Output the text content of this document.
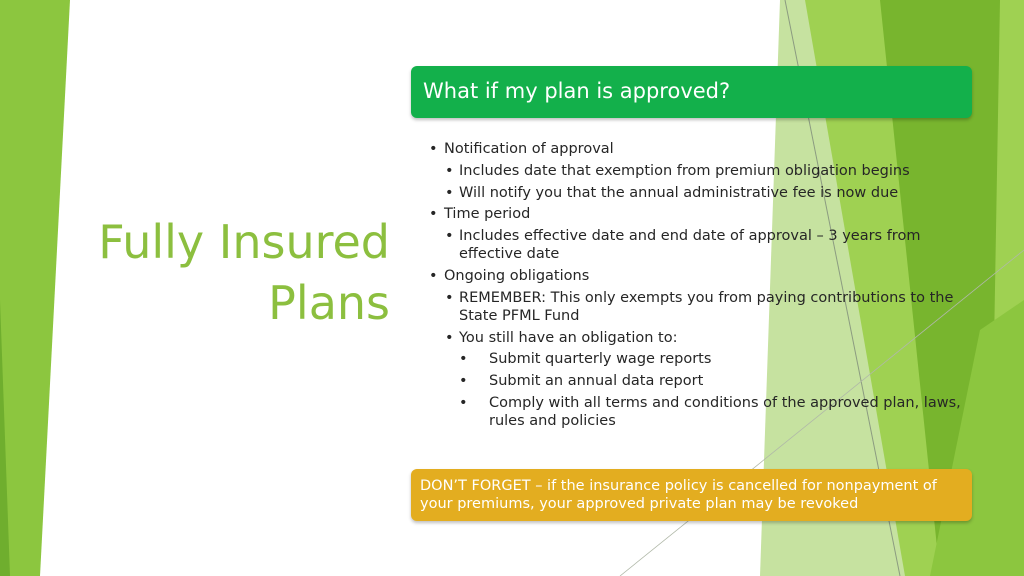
Fully Insured
Plans
What if my plan is approved?
• Notification of approval
• Includes date that exemption from premium obligation begins
• Will notify you that the annual administrative fee is now due
• Time period
• Includes effective date and end date of approval – 3 years from effective date
• Ongoing obligations
• REMEMBER: This only exempts you from paying contributions to the State PFML Fund
• You still have an obligation to:
• Submit quarterly wage reports
• Submit an annual data report
• Comply with all terms and conditions of the approved plan, laws, rules and policies
DON’T FORGET – if the insurance policy is cancelled for nonpayment of your premiums, your approved private plan may be revoked
